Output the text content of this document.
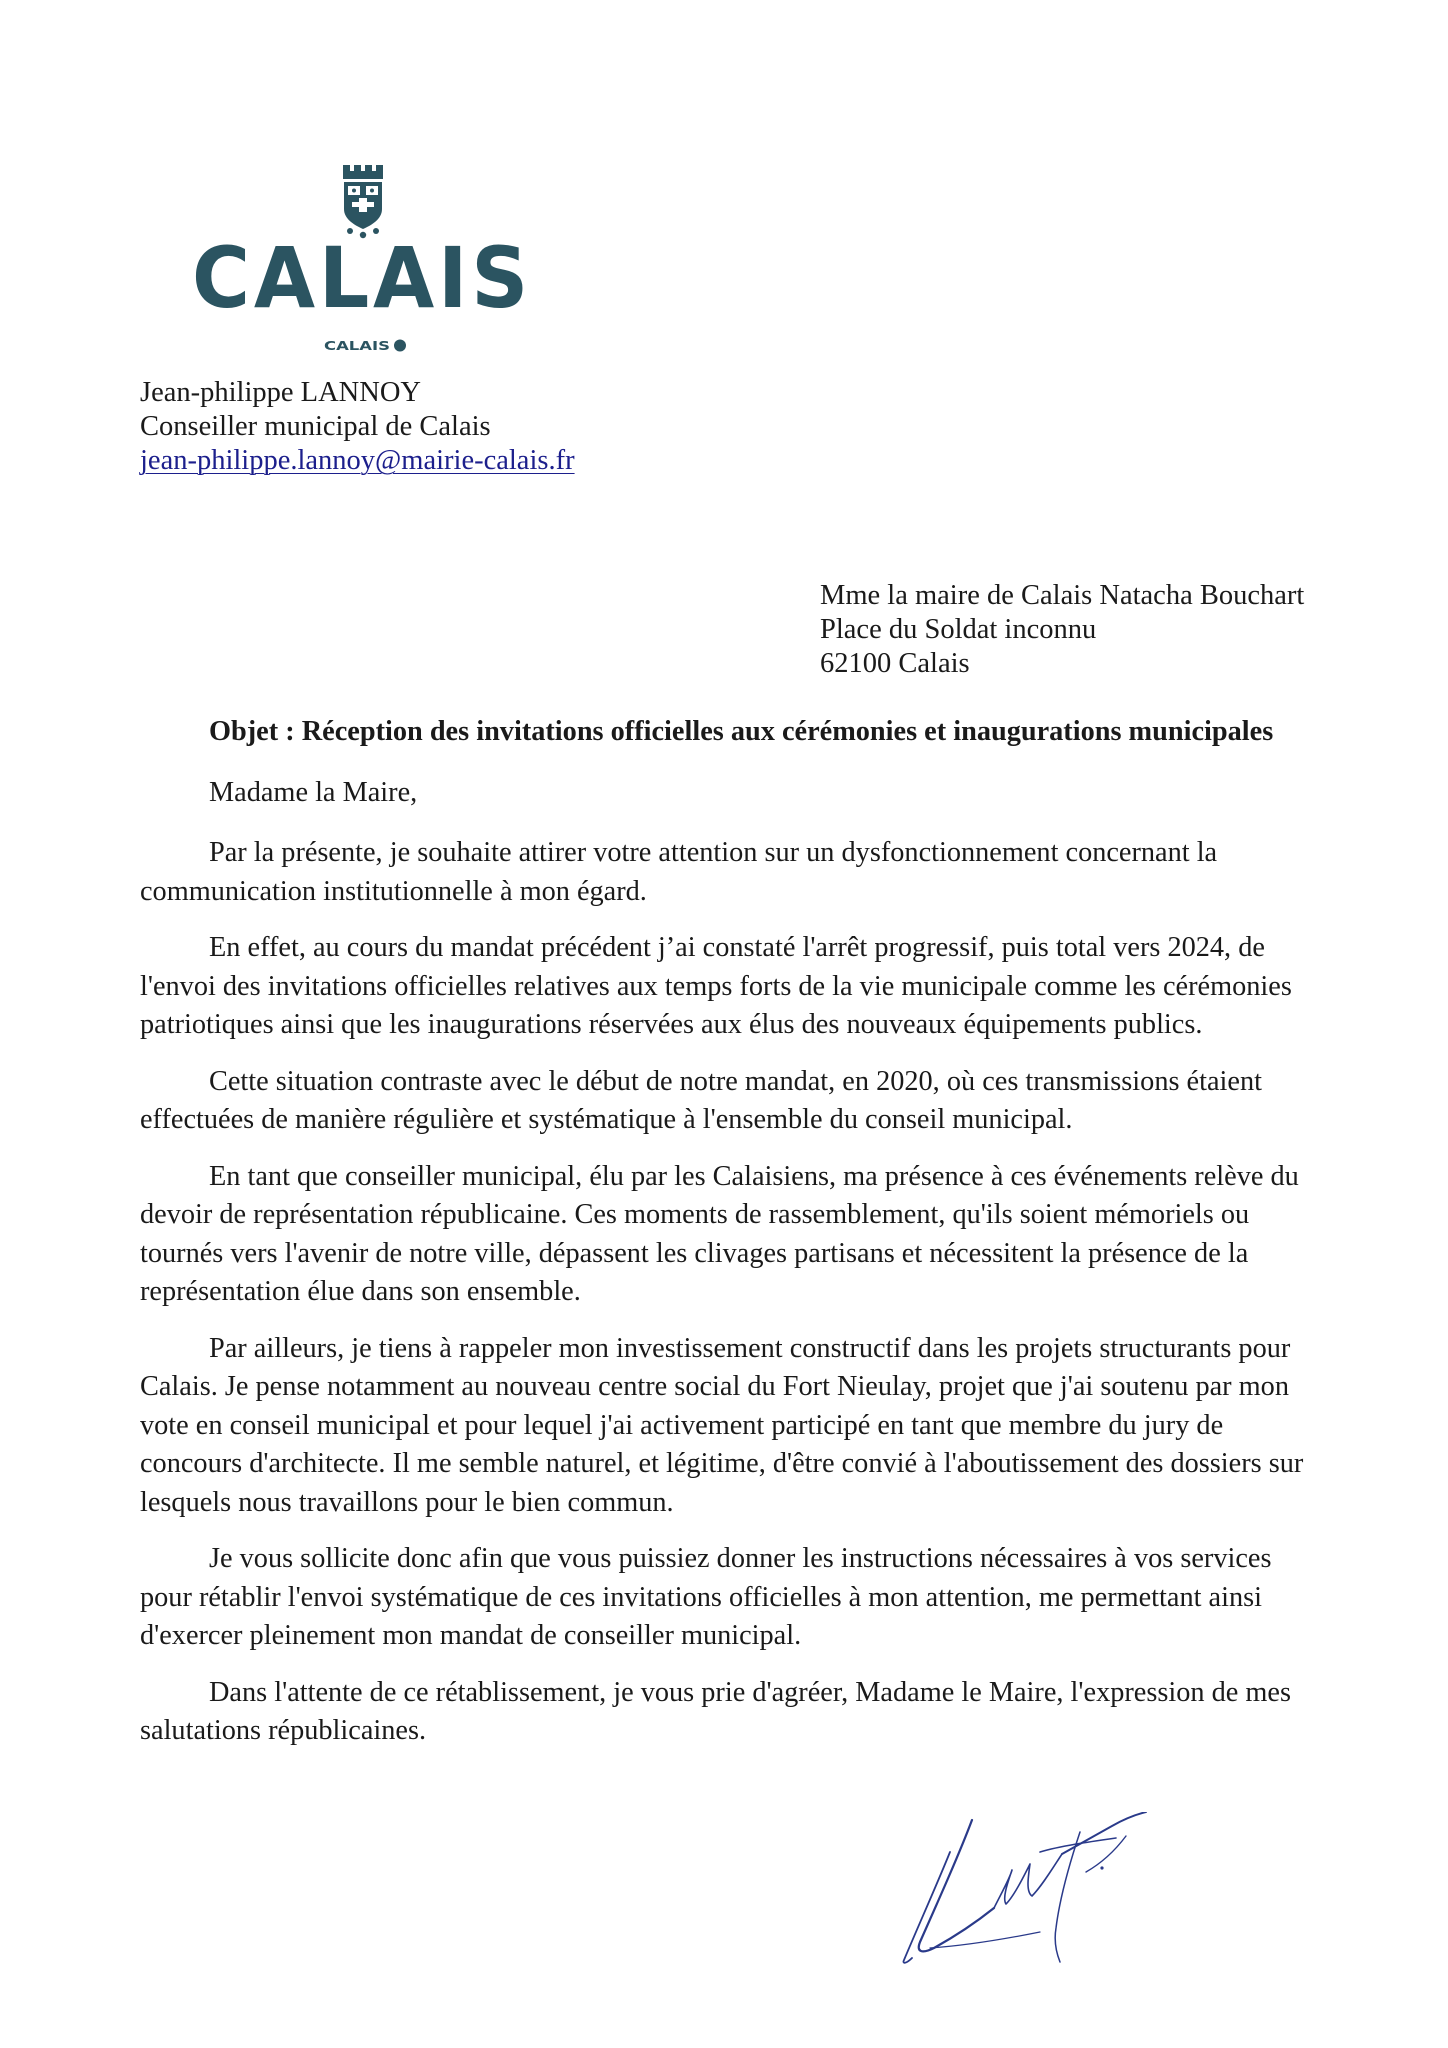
CALAIS
CALAIS
Jean-philippe LANNOY
Conseiller municipal de Calais
jean-philippe.lannoy@mairie-calais.fr
Mme la maire de Calais Natacha Bouchart
Place du Soldat inconnu
62100 Calais

Objet : Réception des invitations officielles aux cérémonies et inaugurations municipales

Madame la Maire,

Par la présente, je souhaite attirer votre attention sur un dysfonctionnement concernant la communication institutionnelle à mon égard.

En effet, au cours du mandat précédent j’ai constaté l'arrêt progressif, puis total vers 2024, de l'envoi des invitations officielles relatives aux temps forts de la vie municipale comme les cérémonies patriotiques ainsi que les inaugurations réservées aux élus des nouveaux équipements publics.

Cette situation contraste avec le début de notre mandat, en 2020, où ces transmissions étaient effectuées de manière régulière et systématique à l'ensemble du conseil municipal.

En tant que conseiller municipal, élu par les Calaisiens, ma présence à ces événements relève du devoir de représentation républicaine. Ces moments de rassemblement, qu'ils soient mémoriels ou tournés vers l'avenir de notre ville, dépassent les clivages partisans et nécessitent la présence de la représentation élue dans son ensemble.

Par ailleurs, je tiens à rappeler mon investissement constructif dans les projets structurants pour Calais. Je pense notamment au nouveau centre social du Fort Nieulay, projet que j'ai soutenu par mon vote en conseil municipal et pour lequel j'ai activement participé en tant que membre du jury de concours d'architecte. Il me semble naturel, et légitime, d'être convié à l'aboutissement des dossiers sur lesquels nous travaillons pour le bien commun.

Je vous sollicite donc afin que vous puissiez donner les instructions nécessaires à vos services pour rétablir l'envoi systématique de ces invitations officielles à mon attention, me permettant ainsi d'exercer pleinement mon mandat de conseiller municipal.

Dans l'attente de ce rétablissement, je vous prie d'agréer, Madame le Maire, l'expression de mes salutations républicaines.
